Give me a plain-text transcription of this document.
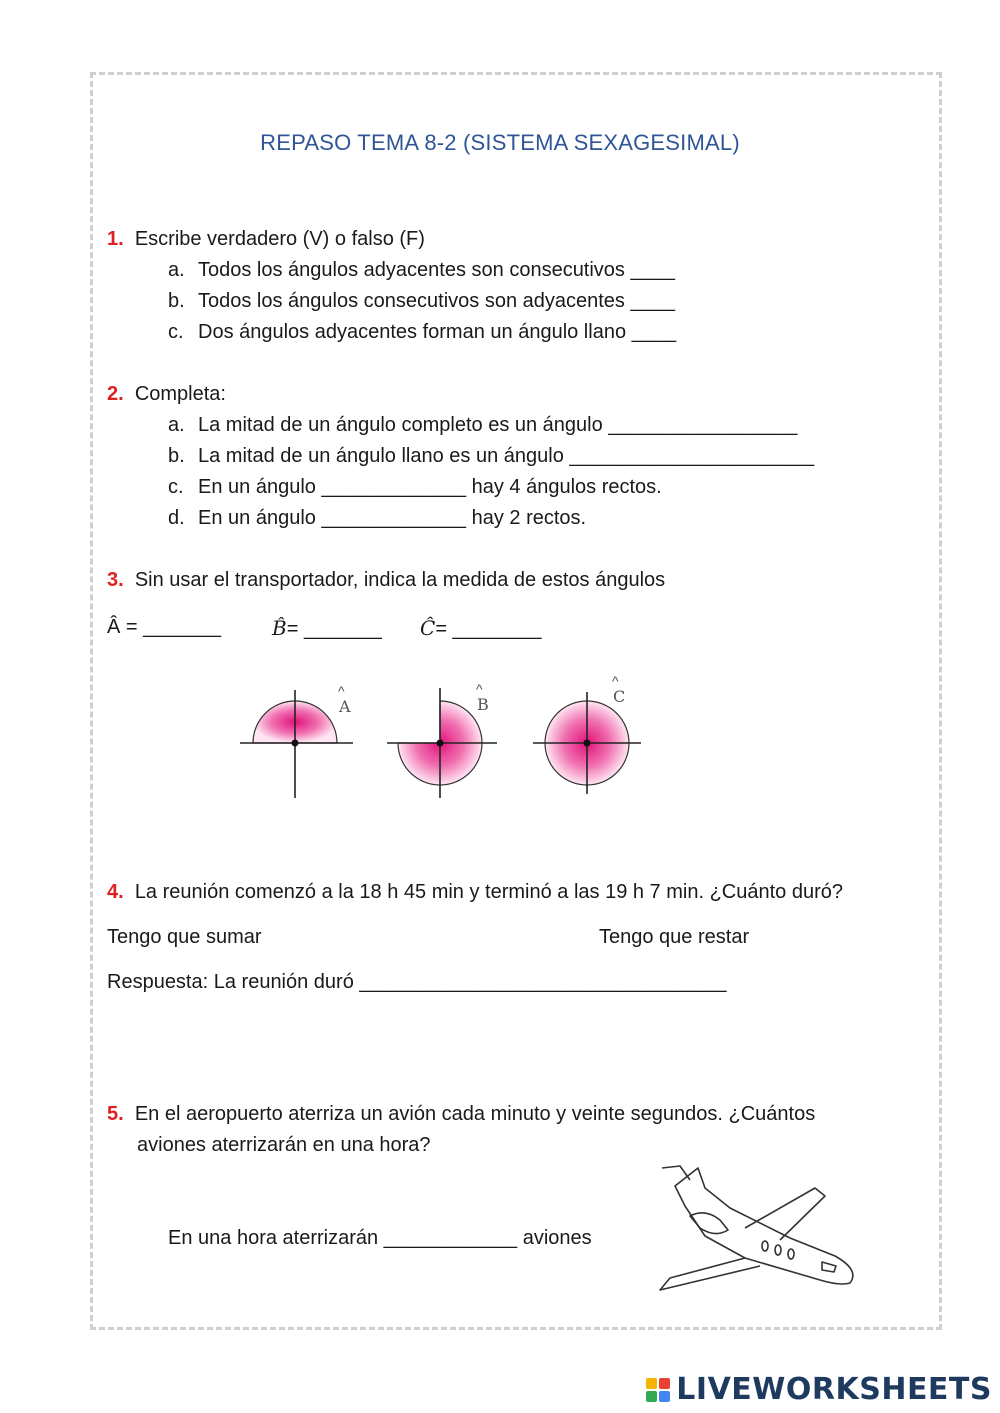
REPASO TEMA 8-2 (SISTEMA SEXAGESIMAL)
1. Escribe verdadero (V) o falso (F)
a. Todos los ángulos adyacentes son consecutivos ____
b. Todos los ángulos consecutivos son adyacentes ____
c. Dos ángulos adyacentes forman un ángulo llano ____
2. Completa:
a. La mitad de un ángulo completo es un ángulo _________________
b. La mitad de un ángulo llano es un ángulo ______________________
c. En un ángulo _____________ hay 4 ángulos rectos.
d. En un ángulo _____________ hay 2 rectos.
3. Sin usar el transportador, indica la medida de estos ángulos
Â = _______	B̂= _______ Ĉ= ________
A
^
B
^	C
^
4. La reunión comenzó a la 18 h 45 min y terminó a las 19 h 7 min. ¿Cuánto duró?
Tengo que sumar	Tengo que restar
Respuesta: La reunión duró _________________________________
5. En el aeropuerto aterriza un avión cada minuto y veinte segundos. ¿Cuántos
aviones aterrizarán en una hora?
En una hora aterrizarán ____________ aviones
LIVEWORKSHEETS
